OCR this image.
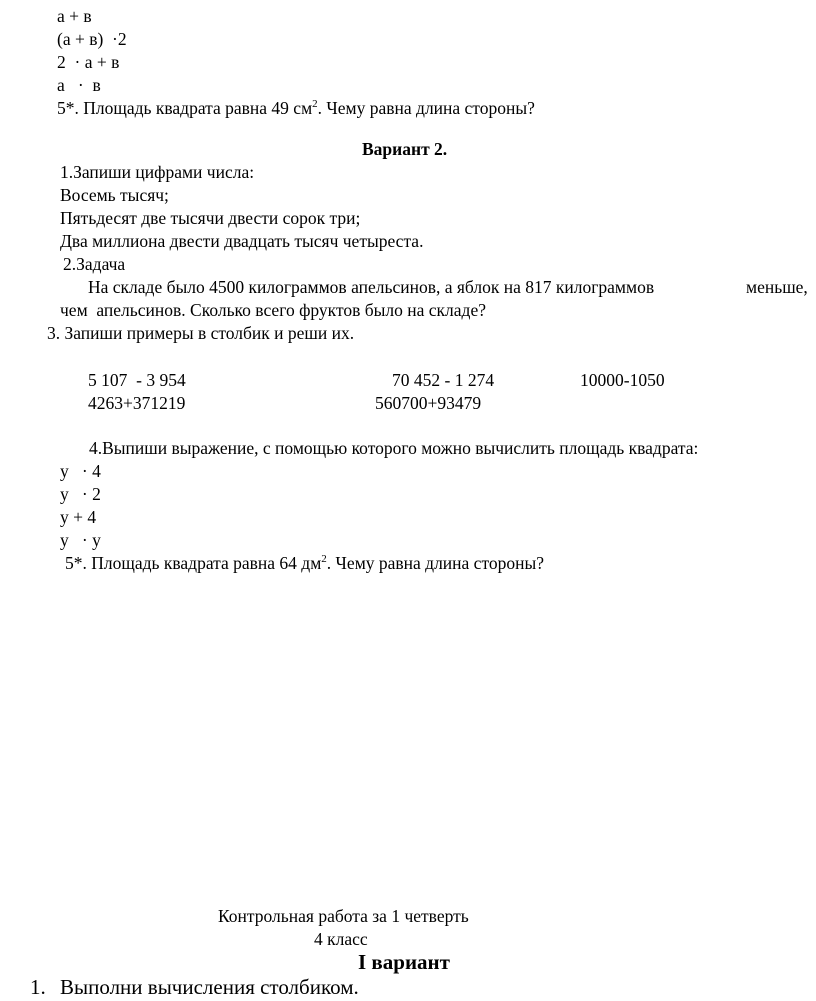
а + в
(а + в)  ·2
2  · а + в
а   ·  в
5*. Площадь квадрата равна 49 $см^2$. Чему равна длина стороны?
Вариант 2.
1.Запиши цифрами числа:
Восемь тысяч;
Пятьдесят две тысячи двести сорок три;
Два миллиона двести двадцать тысяч четыреста.
2.Задача
На складе было 4500 килограммов апельсинов, а яблок на 817 килограммов	меньше,
чем  апельсинов. Сколько всего фруктов было на складе?
3. Запиши примеры в столбик и реши их.
5 107  - 3 954	70 452 - 1 274	10000-1050
4263+371219	560700+93479
4.Выпиши выражение, с помощью которого можно вычислить площадь квадрата:
у   · 4
у   · 2
у + 4
у   · у
5*. Площадь квадрата равна 64 $дм^2$. Чему равна длина стороны?
Контрольная работа за 1 четверть
4 класс
I вариант
1. Выполни вычисления столбиком.
